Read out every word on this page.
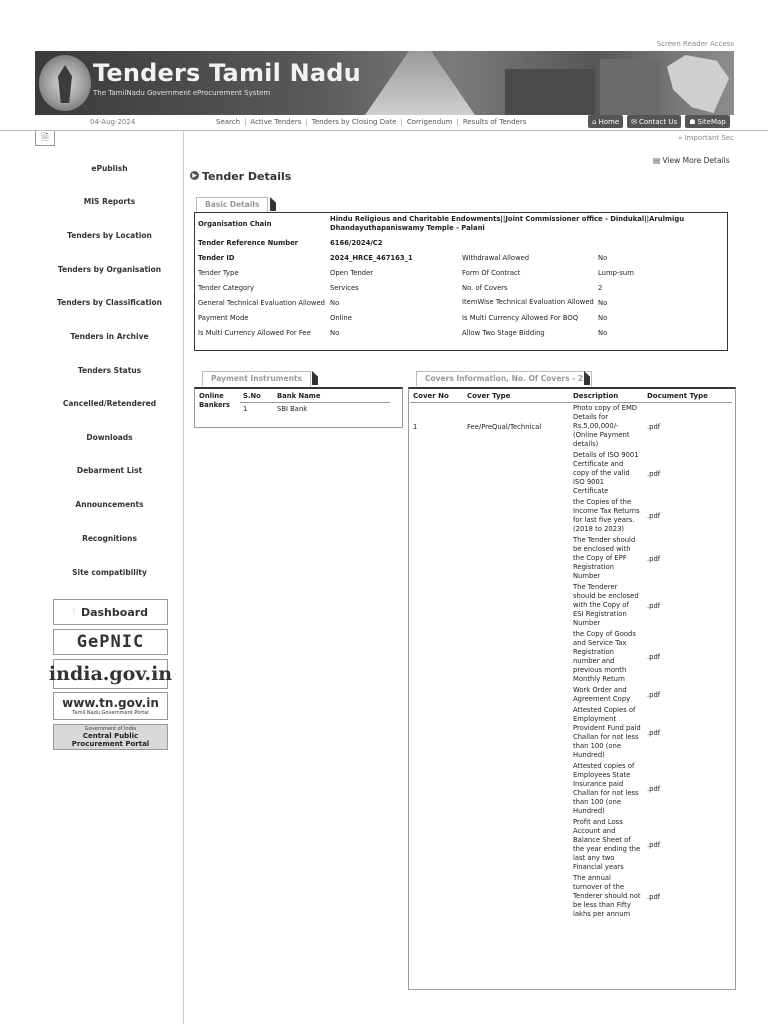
Screen Reader Access
Tenders Tamil Nadu
The TamilNadu Government eProcurement System
04-Aug-2024	Search | Active Tenders | Tenders by Closing Date | Corrigendum | Results of Tenders	⌂ Home ✉ Contact Us ☗ SiteMap
🗎	« Important Sec
ePublish
MIS Reports
Tenders by Location
Tenders by Organisation
Tenders by Classification
Tenders in Archive
Tenders Status
Cancelled/Retendered
Downloads
Debarment List
Announcements
Recognitions
Site compatibility
⫶ Dashboard
GePNIC
india.gov.in
www.tn.gov.in
Tamil Nadu Government Portal
Government of India
Central Public
Procurement Portal
▶ Tender Details
▤ View More Details
Basic Details
Organisation Chain	Hindu Religious and Charitable Endowments||Joint Commissioner office - Dindukal||Arulmigu Dhandayuthapaniswamy Temple - Palani		
Tender Reference Number	6166/2024/C2		
Tender ID	2024_HRCE_467163_1	Withdrawal Allowed	No
Tender Type	Open Tender	Form Of Contract	Lump-sum
Tender Category	Services	No. of Covers	2
General Technical Evaluation Allowed	No	ItemWise Technical Evaluation Allowed	No
Payment Mode	Online	Is Multi Currency Allowed For BOQ	No
Is Multi Currency Allowed For Fee	No	Allow Two Stage Bidding	No
Payment Instruments
Online Bankers	S.No	Bank Name
	1	SBI Bank
Covers Information, No. Of Covers - 2
Cover No	Cover Type	Description	Document Type
1	Fee/PreQual/Technical	Photo copy of EMD Details for Rs.5,00,000/- (Online Payment details)	.pdf
		Details of ISO 9001 Certificate and copy of the valid ISO 9001 Certificate	.pdf
		the Copies of the Income Tax Returns for last five years. (2018 to 2023)	.pdf
		The Tender should be enclosed with the Copy of EPF Registration Number	.pdf
		The Tenderer should be enclosed with the Copy of ESI Registration Number	.pdf
		the Copy of Goods and Service Tax Registration number and previous month Monthly Return	.pdf
		Work Order and Agreement Copy	.pdf
		Attested Copies of Employment Provident Fund paid Challan for not less than 100 (one Hundred)	.pdf
		Attested copies of Employees State Insurance paid Challan for not less than 100 (one Hundred)	.pdf
		Profit and Loss Account and Balance Sheet of the year ending the last any two Financial years	.pdf
		The annual turnover of the Tenderer should not be less than Fifty lakhs per annum	.pdf
